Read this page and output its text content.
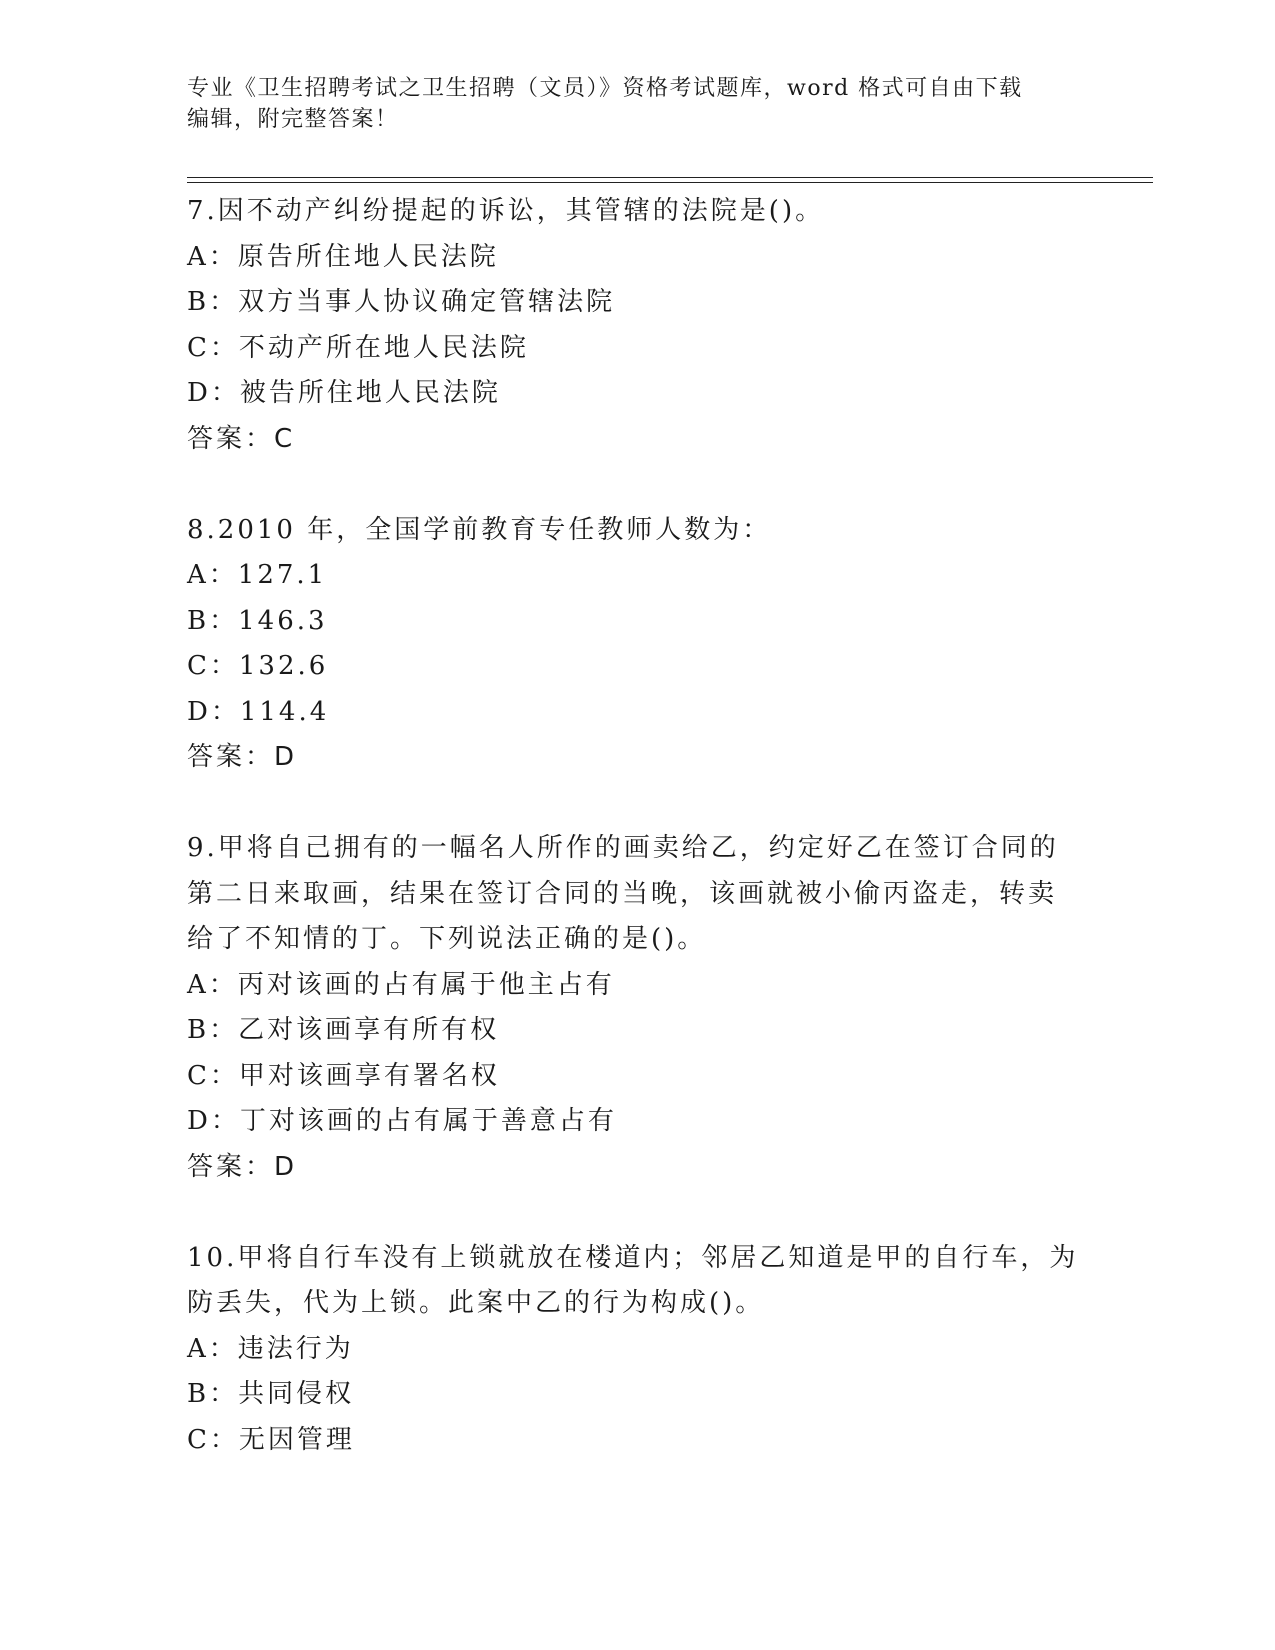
专业《卫生招聘考试之卫生招聘（文员）》资格考试题库，word 格式可自由下载
编辑，附完整答案！
7.因不动产纠纷提起的诉讼，其管辖的法院是()。
A：原告所住地人民法院
B：双方当事人协议确定管辖法院
C：不动产所在地人民法院
D：被告所住地人民法院
答案：C
8.2010 年，全国学前教育专任教师人数为：
A：127.1
B：146.3
C：132.6
D：114.4
答案：D
9.甲将自己拥有的一幅名人所作的画卖给乙，约定好乙在签订合同的
第二日来取画，结果在签订合同的当晚，该画就被小偷丙盗走，转卖
给了不知情的丁。下列说法正确的是()。
A：丙对该画的占有属于他主占有
B：乙对该画享有所有权
C：甲对该画享有署名权
D：丁对该画的占有属于善意占有
答案：D
10.甲将自行车没有上锁就放在楼道内；邻居乙知道是甲的自行车，为
防丢失，代为上锁。此案中乙的行为构成()。
A：违法行为
B：共同侵权
C：无因管理
